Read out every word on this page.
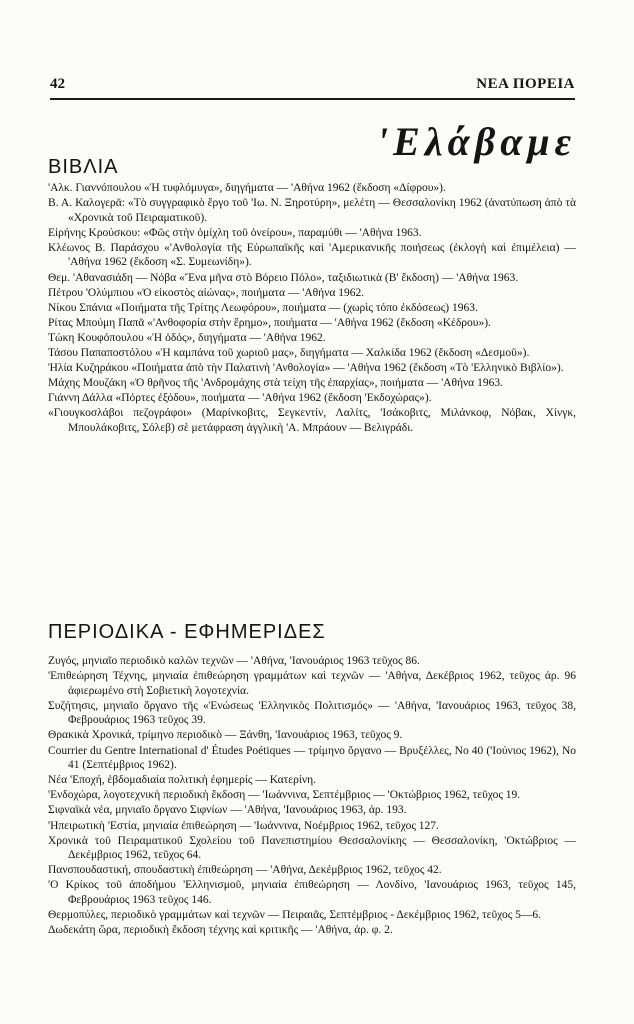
42	ΝΕΑ ΠΟΡΕΙΑ
'Ελάβαμε
ΒΙΒΛΙΑ

'Αλκ. Γιαννόπουλου «Ἡ τυφλόμυγα», διηγήματα — 'Αθήνα 1962 (ἔκδοση «Δίφρου»).

Β. Α. Καλογερᾶ: «Τὸ συγγραφικὸ ἔργο τοῦ 'Ιω. Ν. Ξηροτύρη», μελέτη — Θεσσαλονίκη 1962 (ἀνατύπωση ἀπὸ τὰ «Χρονικὰ τοῦ Πειραματικοῦ).

Εἰρήνης Κρούσκου: «Φῶς στὴν ὁμίχλη τοῦ ὀνείρου», παραμύθι — 'Αθήνα 1963.

Κλέωνος Β. Παράσχου «'Ανθολογία τῆς Εὐρωπαϊκῆς καὶ 'Αμερικανικῆς ποιήσεως (ἐκλογὴ καὶ ἐπιμέλεια) — 'Αθήνα 1962 (ἔκδοση «Σ. Συμεωνίδη»).

Θεμ. 'Αθανασιάδη — Νόβα «Ἕνα μῆνα στὸ Βόρειο Πόλο», ταξιδιωτικὰ (Β' ἔκδοση) — 'Αθήνα 1963.

Πέτρου 'Ολύμπιου «Ὁ εἰκοστὸς αἰώνας», ποιήματα — 'Αθήνα 1962.

Νίκου Σπάνια «Ποιήματα τῆς Τρίτης Λεωφόρου», ποιήματα — (χωρὶς τόπο ἐκδόσεως) 1963.

Ρίτας Μπούμη Παπᾶ «'Ανθοφορία στὴν ἔρημο», ποιήματα — 'Αθήνα 1962 (ἔκδοση «Κέδρου»).

Τώκη Κουφόπουλου «Ἡ ὁδός», διηγήματα — 'Αθήνα 1962.

Τάσου Παπαποστόλου «Ἡ καμπάνα τοῦ χωριοῦ μας», διηγήματα — Χαλκίδα 1962 (ἔκδοση «Δεσμοῦ»).

Ἠλία Κυζηράκου «Ποιήματα ἀπὸ τὴν Παλατινὴ 'Ανθολογία» — 'Αθήνα 1962 (ἔκδοση «Τὸ 'Ελληνικὸ Βιβλίο»).

Μάχης Μουζάκη «Ὁ θρῆνος τῆς 'Ανδρομάχης στὰ τείχη τῆς ἐπαρχίας», ποιήματα — 'Αθήνα 1963.

Γιάννη Δάλλα «Πόρτες ἐξόδου», ποιήματα — 'Αθήνα 1962 (ἔκδοση 'Εκδοχώρας»).

«Γιουγκοσλάβοι πεζογράφοι» (Μαρίνκοβιτς, Σεγκεντίν, Λαλίτς, 'Ισάκοβιτς, Μιλάνκοφ, Νόβακ, Χίνγκ, Μπουλάκοβιτς, Σόλεβ) σὲ μετάφραση ἀγγλικὴ 'Α. Μπράουν — Βελιγράδι.

ΠΕΡΙΟΔΙΚΑ - ΕΦΗΜΕΡΙΔΕΣ

Ζυγός, μηνιαῖο περιοδικὸ καλῶν τεχνῶν — 'Αθήνα, 'Ιανουάριος 1963 τεῦχος 86.

'Επιθεώρηση Τέχνης, μηνιαία ἐπιθεώρηση γραμμάτων καὶ τεχνῶν — 'Αθήνα, Δεκέβριος 1962, τεῦχος ἀρ. 96 ἀφιερωμένο στὴ Σοβιετικὴ λογοτεχνία.

Συζήτησις, μηνιαῖο ὄργανο τῆς «Ἑνώσεως 'Ελληνικὸς Πολιτισμός» — 'Αθήνα, 'Ιανουάριος 1963, τεῦχος 38, Φεβρουάριος 1963 τεῦχος 39.

Θρακικὰ Χρονικά, τρίμηνο περιοδικὸ — Ξάνθη, 'Ιανουάριος 1963, τεῦχος 9.

Courrier du Gentre International d' Études Poétiques — τρίμηνο ὄργανο — Βρυξέλλες, Νο 40 ('Ιούνιος 1962), Νο 41 (Σεπτέμβριος 1962).

Νέα 'Εποχή, ἑβδομαδιαία πολιτικὴ ἐφημερίς — Κατερίνη.

'Ενδοχώρα, λογοτεχνικὴ περιοδικὴ ἔκδοση — 'Ιωάννινα, Σεπτέμβριος — 'Οκτώβριος 1962, τεῦχος 19.

Σιφναϊκὰ νέα, μηνιαῖο ὄργανο Σιφνίων — 'Αθήνα, 'Ιανουάριος 1963, ἀρ. 193.

'Ηπειρωτικὴ 'Εστία, μηνιαία ἐπιθεώρηση — 'Ιωάννινα, Νοέμβριος 1962, τεῦχος 127.

Χρονικὰ τοῦ Πειραματικοῦ Σχολείου τοῦ Πανεπιστημίου Θεσσαλονίκης — Θεσσαλονίκη, 'Οκτώβριος — Δεκέμβριος 1962, τεῦχος 64.

Πανσπουδαστική, σπουδαστικὴ ἐπιθεώρηση — 'Αθήνα, Δεκέμβριος 1962, τεῦχος 42.

'Ο Κρίκος τοῦ ἀποδήμου 'Ελληνισμοῦ, μηνιαία ἐπιθεώρηση — Λονδίνο, 'Ιανουάριος 1963, τεῦχος 145, Φεβρουάριος 1963 τεῦχος 146.

Θερμοπύλες, περιοδικὸ γραμμάτων καὶ τεχνῶν — Πειραιᾶς, Σεπτέμβριος - Δεκέμβριος 1962, τεῦχος 5—6.

Δωδεκάτη ὥρα, περιοδικὴ ἔκδοση τέχνης καὶ κριτικῆς — 'Αθήνα, ἀρ. φ. 2.
